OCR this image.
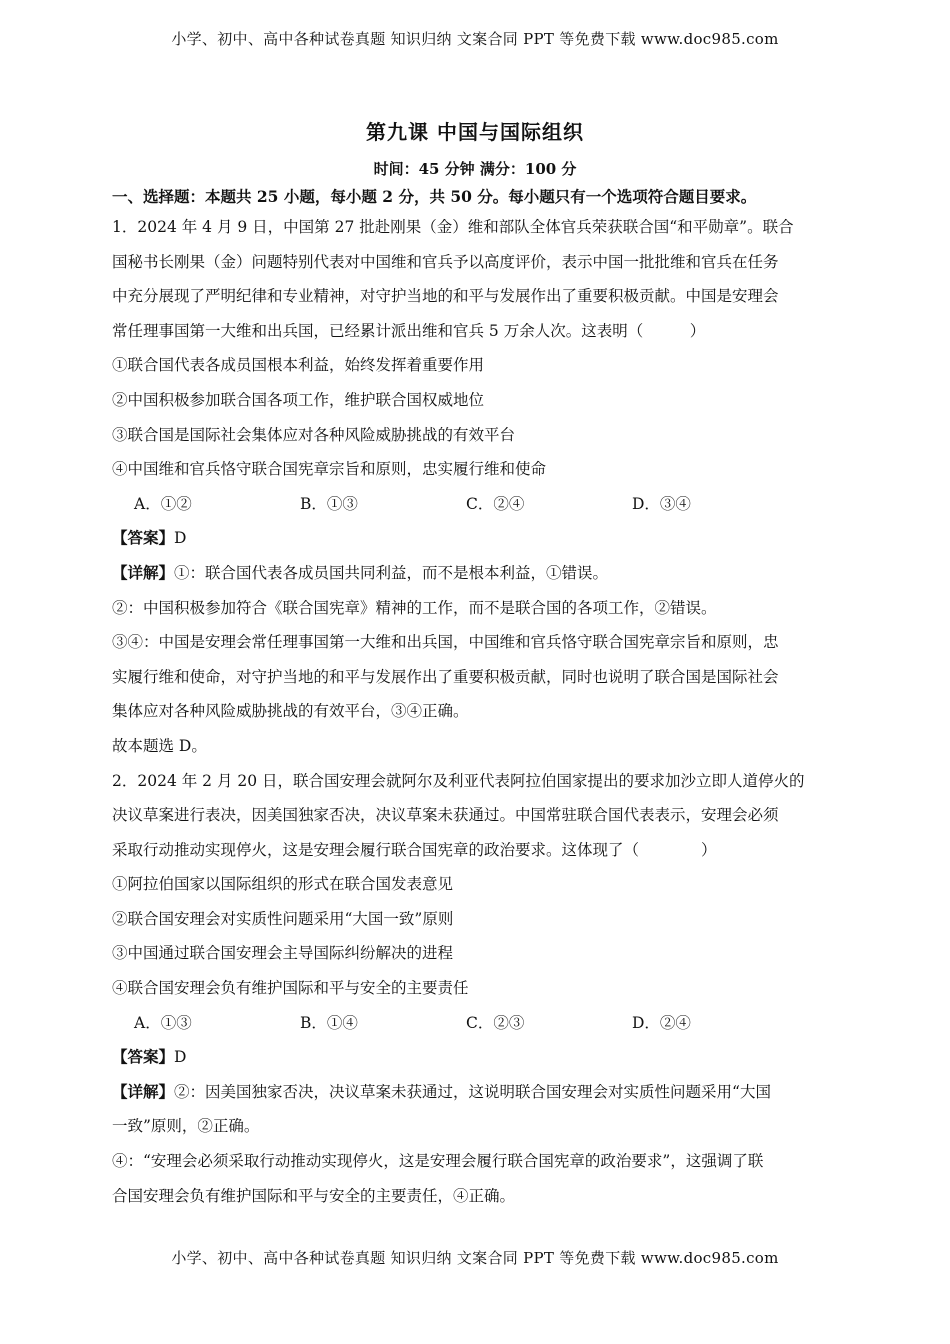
小学、初中、高中各种试卷真题 知识归纳 文案合同 PPT 等免费下载 www.doc985.com
第九课 中国与国际组织
时间：45 分钟 满分：100 分
一、选择题：本题共 25 小题，每小题 2 分，共 50 分。每小题只有一个选项符合题目要求。
1．2024 年 4 月 9 日，中国第 27 批赴刚果（金）维和部队全体官兵荣获联合国“和平勋章”。联合
国秘书长刚果（金）问题特别代表对中国维和官兵予以高度评价，表示中国一批批维和官兵在任务
中充分展现了严明纪律和专业精神，对守护当地的和平与发展作出了重要积极贡献。中国是安理会
常任理事国第一大维和出兵国，已经累计派出维和官兵 5 万余人次。这表明（　　　）
①联合国代表各成员国根本利益，始终发挥着重要作用
②中国积极参加联合国各项工作，维护联合国权威地位
③联合国是国际社会集体应对各种风险威胁挑战的有效平台
④中国维和官兵恪守联合国宪章宗旨和原则，忠实履行维和使命
A．①②	B．①③	C．②④	D．③④
【答案】D
【详解】①：联合国代表各成员国共同利益，而不是根本利益，①错误。
②：中国积极参加符合《联合国宪章》精神的工作，而不是联合国的各项工作，②错误。
③④：中国是安理会常任理事国第一大维和出兵国，中国维和官兵恪守联合国宪章宗旨和原则，忠
实履行维和使命，对守护当地的和平与发展作出了重要积极贡献，同时也说明了联合国是国际社会
集体应对各种风险威胁挑战的有效平台，③④正确。
故本题选 D。
2．2024 年 2 月 20 日，联合国安理会就阿尔及利亚代表阿拉伯国家提出的要求加沙立即人道停火的
决议草案进行表决，因美国独家否决，决议草案未获通过。中国常驻联合国代表表示，安理会必须
采取行动推动实现停火，这是安理会履行联合国宪章的政治要求。这体现了（　　　　）
①阿拉伯国家以国际组织的形式在联合国发表意见
②联合国安理会对实质性问题采用“大国一致”原则
③中国通过联合国安理会主导国际纠纷解决的进程
④联合国安理会负有维护国际和平与安全的主要责任
A．①③	B．①④	C．②③	D．②④
【答案】D
【详解】②：因美国独家否决，决议草案未获通过，这说明联合国安理会对实质性问题采用“大国
一致”原则，②正确。
④：“安理会必须采取行动推动实现停火，这是安理会履行联合国宪章的政治要求”，这强调了联
合国安理会负有维护国际和平与安全的主要责任，④正确。
小学、初中、高中各种试卷真题 知识归纳 文案合同 PPT 等免费下载 www.doc985.com
